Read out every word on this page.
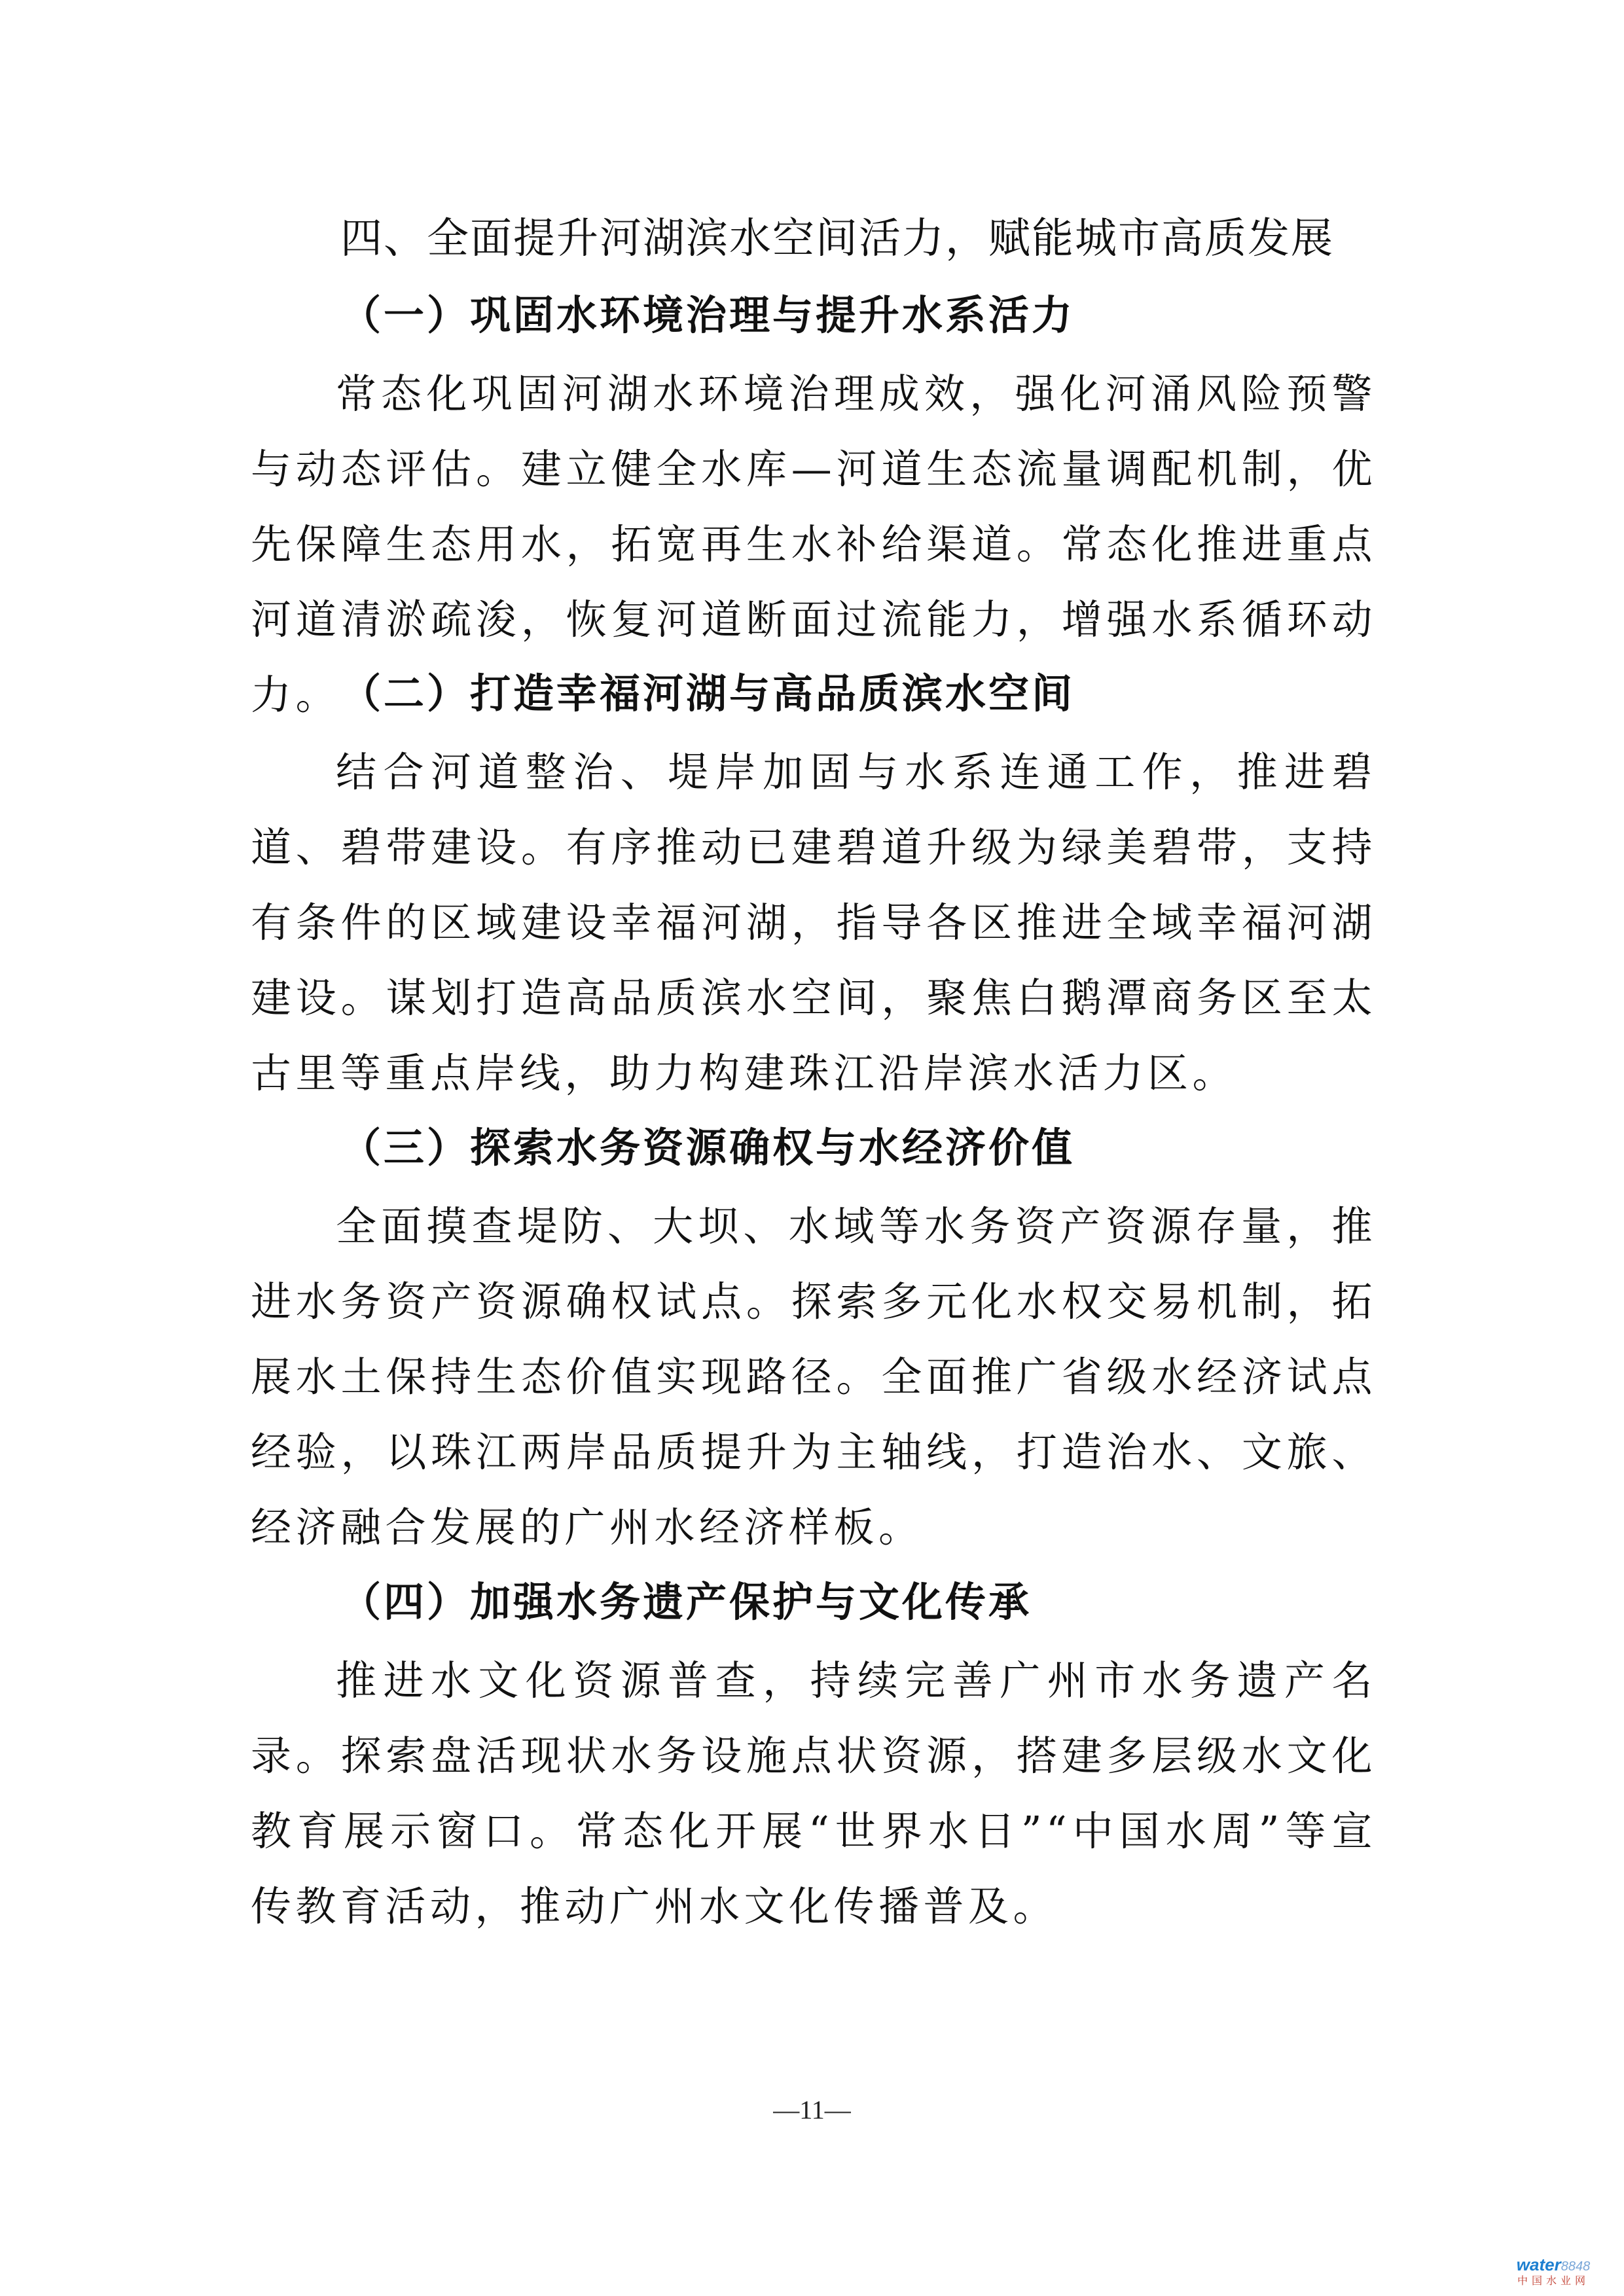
四、全面提升河湖滨水空间活力，赋能城市高质发展
（一）巩固水环境治理与提升水系活力

常态化巩固河湖水环境治理成效，强化河涌风险预警与动态评估。建立健全水库—河道生态流量调配机制，优先保障生态用水，拓宽再生水补给渠道。常态化推进重点河道清淤疏浚，恢复河道断面过流能力，增强水系循环动力。 （二）打造幸福河湖与高品质滨水空间

结合河道整治、堤岸加固与水系连通工作，推进碧道、碧带建设。有序推动已建碧道升级为绿美碧带，支持有条件的区域建设幸福河湖，指导各区推进全域幸福河湖建设。谋划打造高品质滨水空间，聚焦白鹅潭商务区至太古里等重点岸线，助力构建珠江沿岸滨水活力区。

（三）探索水务资源确权与水经济价值

全面摸查堤防、大坝、水域等水务资产资源存量，推进水务资产资源确权试点。探索多元化水权交易机制，拓展水土保持生态价值实现路径。全面推广省级水经济试点经验，以珠江两岸品质提升为主轴线，打造治水、文旅、经济融合发展的广州水经济样板。

（四）加强水务遗产保护与文化传承

推进水文化资源普查，持续完善广州市水务遗产名录。探索盘活现状水务设施点状资源，搭建多层级水文化教育展示窗口。常态化开展“世界水日”“中国水周”等宣传教育活动，推动广州水文化传播普及。

—11—
water8848
中国水业网
